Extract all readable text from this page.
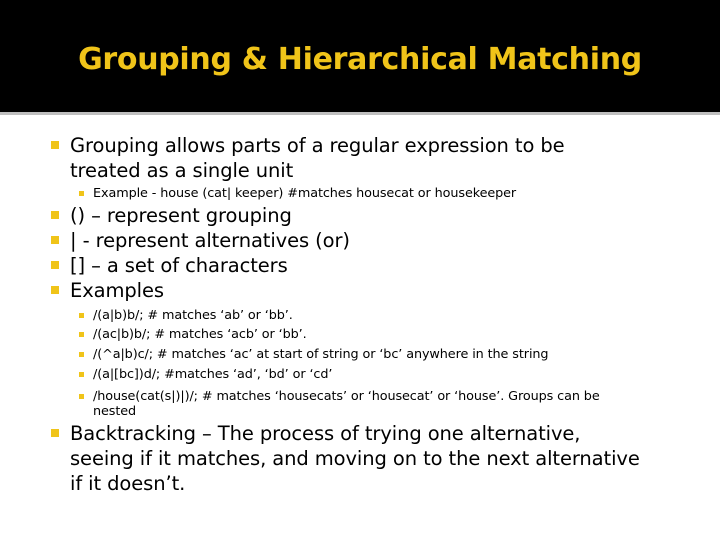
Grouping & Hierarchical Matching
Grouping allows parts of a regular expression to be
treated as a single unit
Example - house (cat| keeper) #matches housecat or housekeeper
() – represent grouping
| - represent alternatives (or)
[] – a set of characters
Examples
/(a|b)b/; # matches ‘ab’ or ‘bb’.
/(ac|b)b/; # matches ‘acb’ or ‘bb’.
/(^a|b)c/; # matches ‘ac’ at start of string or ‘bc’ anywhere in the string
/(a|[bc])d/; #matches ‘ad’, ‘bd’ or ‘cd’
/house(cat(s|)|)/; # matches ‘housecats’ or ‘housecat’ or ‘house’. Groups can be
nested
Backtracking – The process of trying one alternative,
seeing if it matches, and moving on to the next alternative
if it doesn’t.
